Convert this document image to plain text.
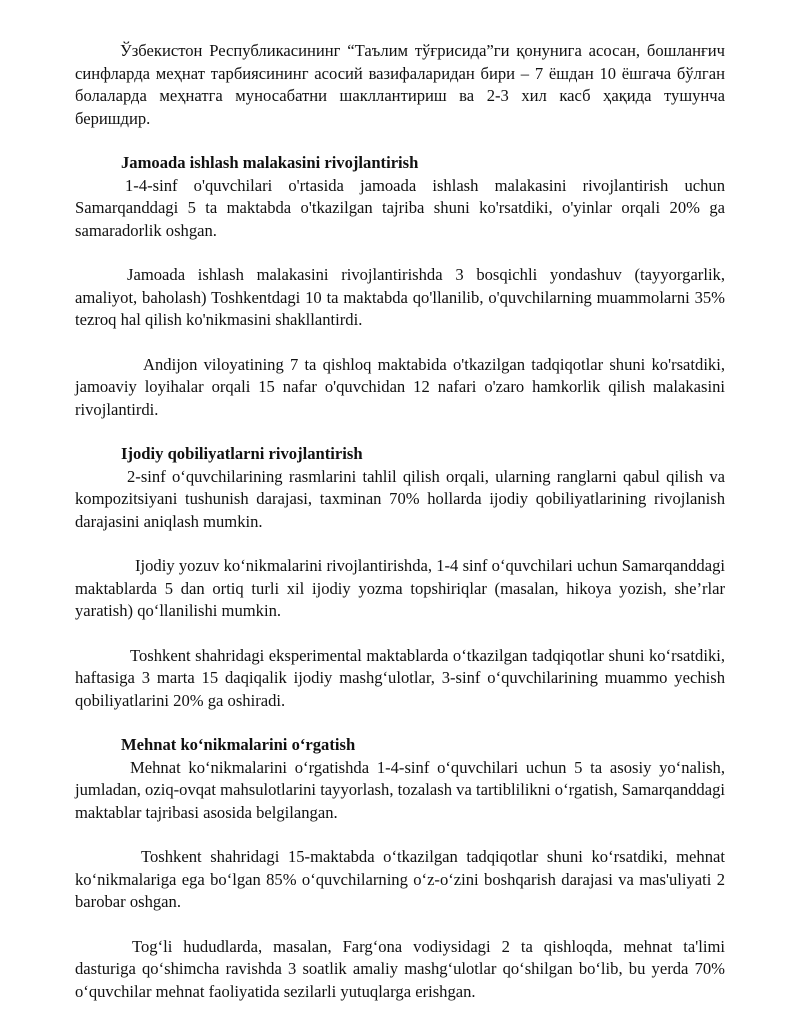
Ўзбекистон Республикасининг “Таълим тўғрисида”ги қонунига асосан, бошланғич синфларда меҳнат тарбиясининг асосий вазифаларидан бири – 7 ёшдан 10 ёшгача бўлган болаларда меҳнатга муносабатни шакллантириш ва 2-3 хил касб ҳақида тушунча беришдир.

Jamoada ishlash malakasini rivojlantirish

1-4-sinf o'quvchilari o'rtasida jamoada ishlash malakasini rivojlantirish uchun Samarqanddagi 5 ta maktabda o'tkazilgan tajriba shuni ko'rsatdiki, o'yinlar orqali 20% ga samaradorlik oshgan.

Jamoada ishlash malakasini rivojlantirishda 3 bosqichli yondashuv (tayyorgarlik, amaliyot, baholash) Toshkentdagi 10 ta maktabda qo'llanilib, o'quvchilarning muammolarni 35% tezroq hal qilish ko'nikmasini shakllantirdi.

Andijon viloyatining 7 ta qishloq maktabida o'tkazilgan tadqiqotlar shuni ko'rsatdiki, jamoaviy loyihalar orqali 15 nafar o'quvchidan 12 nafari o'zaro hamkorlik qilish malakasini rivojlantirdi.

Ijodiy qobiliyatlarni rivojlantirish

2-sinf o‘quvchilarining rasmlarini tahlil qilish orqali, ularning ranglarni qabul qilish va kompozitsiyani tushunish darajasi, taxminan 70% hollarda ijodiy qobiliyatlarining rivojlanish darajasini aniqlash mumkin.

Ijodiy yozuv ko‘nikmalarini rivojlantirishda, 1-4 sinf o‘quvchilari uchun Samarqanddagi maktablarda 5 dan ortiq turli xil ijodiy yozma topshiriqlar (masalan, hikoya yozish, she’rlar yaratish) qo‘llanilishi mumkin.

Toshkent shahridagi eksperimental maktablarda o‘tkazilgan tadqiqotlar shuni ko‘rsatdiki, haftasiga 3 marta 15 daqiqalik ijodiy mashg‘ulotlar, 3-sinf o‘quvchilarining muammo yechish qobiliyatlarini 20% ga oshiradi.

Mehnat ko‘nikmalarini o‘rgatish

Mehnat ko‘nikmalarini o‘rgatishda 1-4-sinf o‘quvchilari uchun 5 ta asosiy yo‘nalish, jumladan, oziq-ovqat mahsulotlarini tayyorlash, tozalash va tartiblilikni o‘rgatish, Samarqanddagi maktablar tajribasi asosida belgilangan.

Toshkent shahridagi 15-maktabda o‘tkazilgan tadqiqotlar shuni ko‘rsatdiki, mehnat ko‘nikmalariga ega bo‘lgan 85% o‘quvchilarning o‘z-o‘zini boshqarish darajasi va mas'uliyati 2 barobar oshgan.

Tog‘li hududlarda, masalan, Farg‘ona vodiysidagi 2 ta qishloqda, mehnat ta'limi dasturiga qo‘shimcha ravishda 3 soatlik amaliy mashg‘ulotlar qo‘shilgan bo‘lib, bu yerda 70% o‘quvchilar mehnat faoliyatida sezilarli yutuqlarga erishgan.
